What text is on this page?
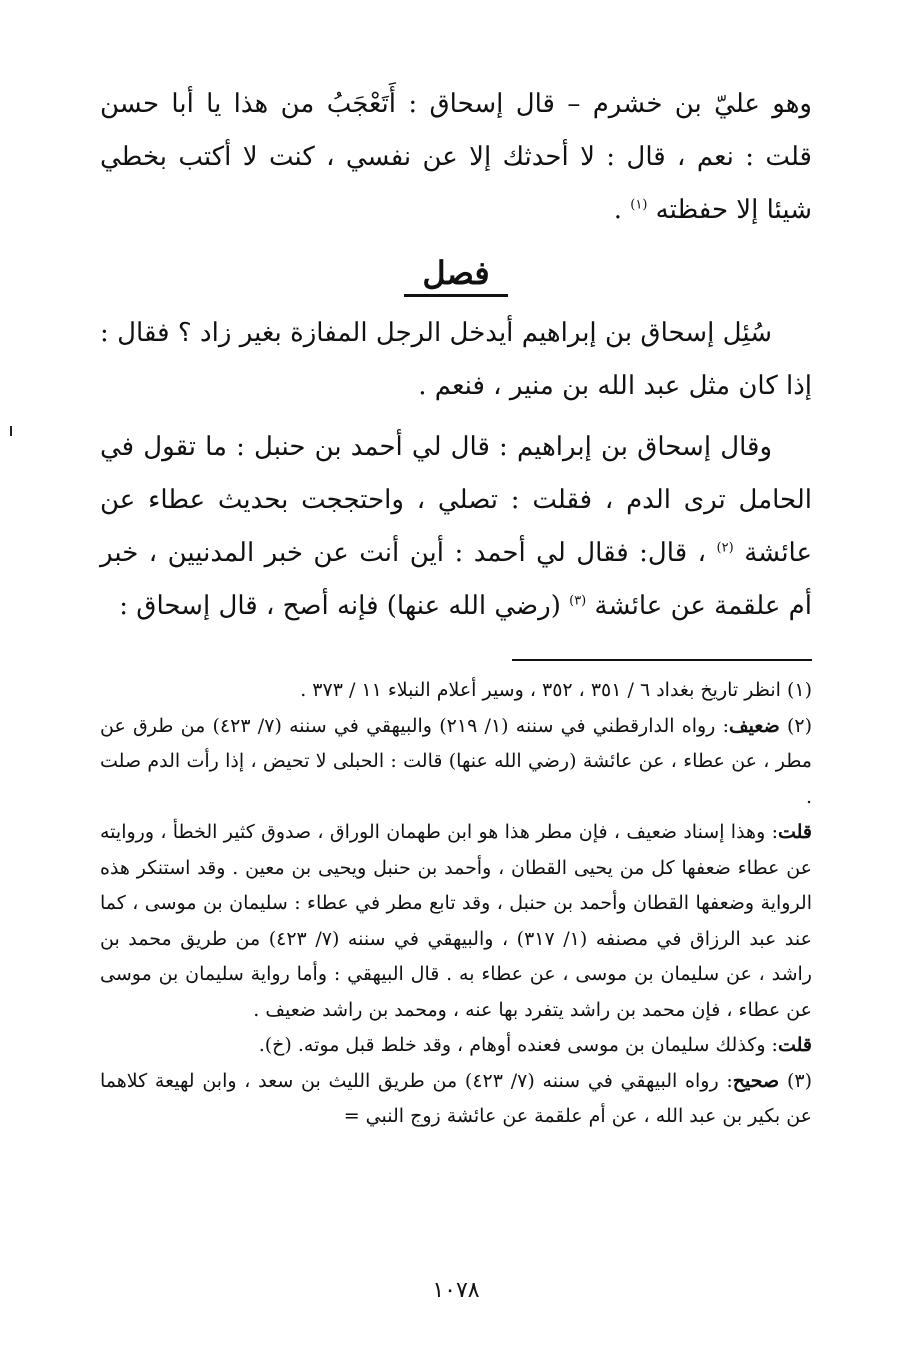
وهو عليّ بن خشرم – قال إسحاق : أَتَعْجَبُ من هذا يا أبا حسن قلت : نعم ، قال : لا أحدثك إلا عن نفسي ، كنت لا أكتب بخطي شيئا إلا حفظته $^{(١)}$ .

فصل

سُئِل إسحاق بن إبراهيم أيدخل الرجل المفازة بغير زاد ؟ فقال : إذا كان مثل عبد الله بن منير ، فنعم .

وقال إسحاق بن إبراهيم : قال لي أحمد بن حنبل : ما تقول في الحامل ترى الدم ، فقلت : تصلي ، واحتججت بحديث عطاء عن عائشة $^{(٢)}$ ، قال: فقال لي أحمد : أين أنت عن خبر المدنيين ، خبر أم علقمة عن عائشة $^{(٣)}$ (رضي الله عنها) فإنه أصح ، قال إسحاق :

(١) انظر تاريخ بغداد ٦ / ٣٥١ ، ٣٥٢ ، وسير أعلام النبلاء ١١ / ٣٧٣ .

(٢) ضعيف: رواه الدارقطني في سننه (١/ ٢١٩) والبيهقي في سننه (٧/ ٤٢٣) من طرق عن مطر ، عن عطاء ، عن عائشة (رضي الله عنها) قالت : الحبلى لا تحيض ، إذا رأت الدم صلت .

قلت: وهذا إسناد ضعيف ، فإن مطر هذا هو ابن طهمان الوراق ، صدوق كثير الخطأ ، وروايته عن عطاء ضعفها كل من يحيى القطان ، وأحمد بن حنبل ويحيى بن معين . وقد استنكر هذه الرواية وضعفها القطان وأحمد بن حنبل ، وقد تابع مطر في عطاء : سليمان بن موسى ، كما عند عبد الرزاق في مصنفه (١/ ٣١٧) ، والبيهقي في سننه (٧/ ٤٢٣) من طريق محمد بن راشد ، عن سليمان بن موسى ، عن عطاء به . قال البيهقي : وأما رواية سليمان بن موسى عن عطاء ، فإن محمد بن راشد يتفرد بها عنه ، ومحمد بن راشد ضعيف .

قلت: وكذلك سليمان بن موسى فعنده أوهام ، وقد خلط قبل موته. (خ).

(٣) صحيح: رواه البيهقي في سننه (٧/ ٤٢٣) من طريق الليث بن سعد ، وابن لهيعة كلاهما عن بكير بن عبد الله ، عن أم علقمة عن عائشة زوج النبي =

١٠٧٨
